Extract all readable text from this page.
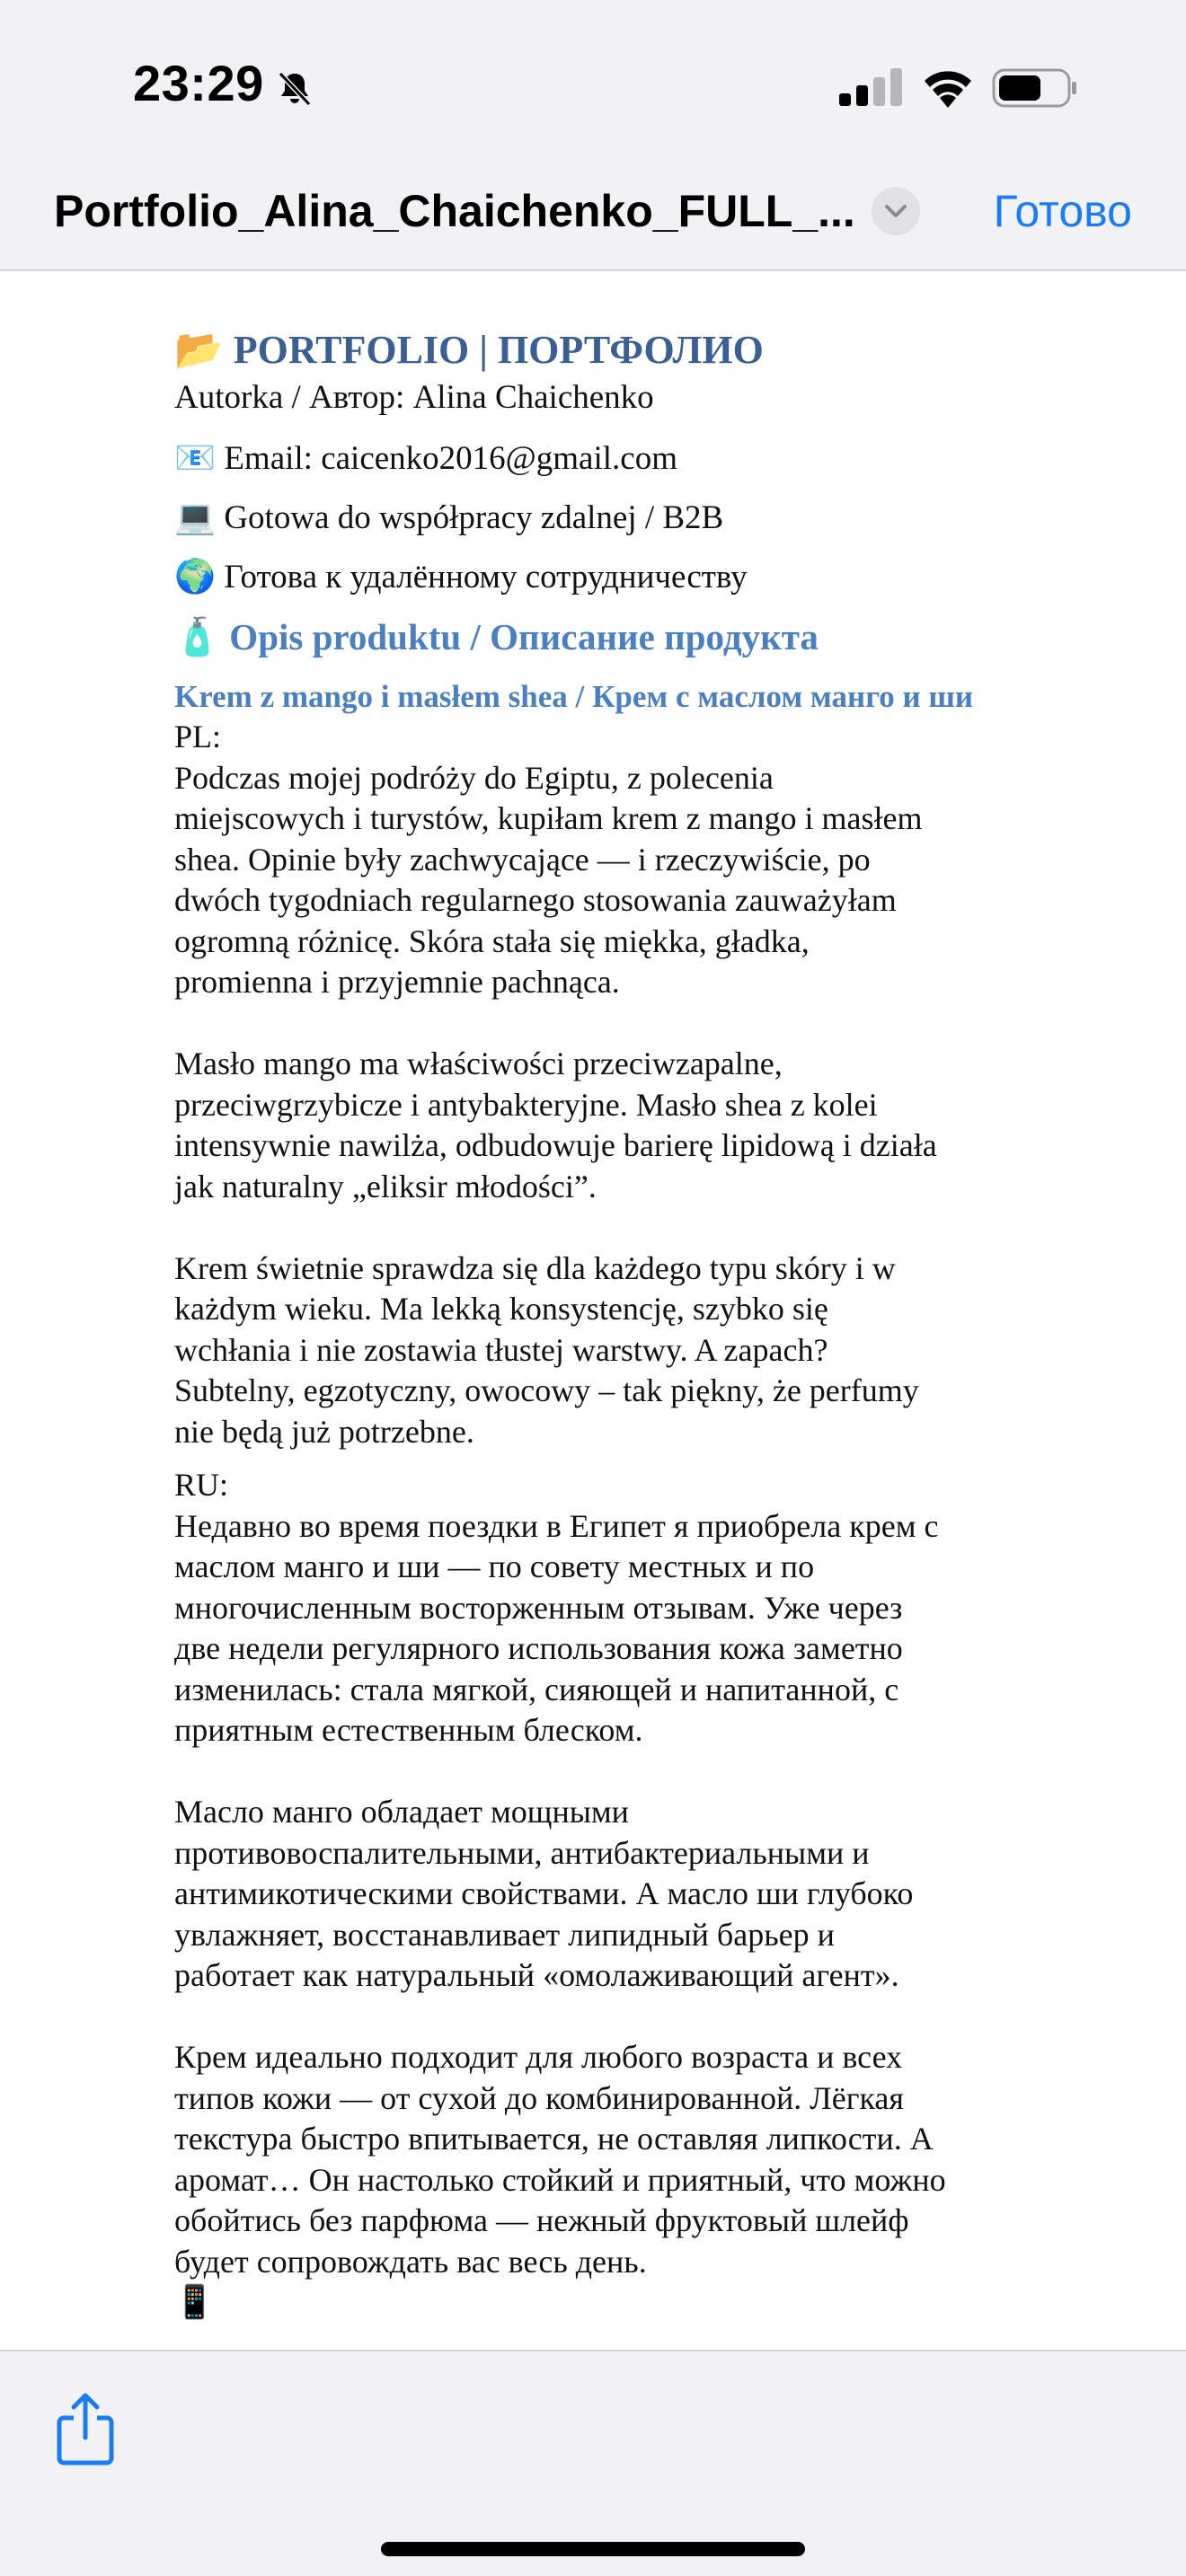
23:29
Portfolio_Alina_Chaichenko_FULL_...	Готово

📂 PORTFOLIO | ПОРТФОЛИО

Autorka / Автор: Alina Chaichenko

📧 Email: caicenko2016@gmail.com

💻 Gotowa do współpracy zdalnej / B2B

🌍 Готова к удалённому сотрудничеству

🧴 Opis produktu / Описание продукта

Krem z mango i masłem shea / Крем с маслом манго и ши

PL:

Podczas mojej podróży do Egiptu, z polecenia

miejscowych i turystów, kupiłam krem z mango i masłem

shea. Opinie były zachwycające — i rzeczywiście, po

dwóch tygodniach regularnego stosowania zauważyłam

ogromną różnicę. Skóra stała się miękka, gładka,

promienna i przyjemnie pachnąca.

Masło mango ma właściwości przeciwzapalne,

przeciwgrzybicze i antybakteryjne. Masło shea z kolei

intensywnie nawilża, odbudowuje barierę lipidową i działa

jak naturalny „eliksir młodości”.

Krem świetnie sprawdza się dla każdego typu skóry i w

każdym wieku. Ma lekką konsystencję, szybko się

wchłania i nie zostawia tłustej warstwy. A zapach?

Subtelny, egzotyczny, owocowy – tak piękny, że perfumy

nie będą już potrzebne.

RU:

Недавно во время поездки в Египет я приобрела крем с

маслом манго и ши — по совету местных и по

многочисленным восторженным отзывам. Уже через

две недели регулярного использования кожа заметно

изменилась: стала мягкой, сияющей и напитанной, с

приятным естественным блеском.

Масло манго обладает мощными

противовоспалительными, антибактериальными и

антимикотическими свойствами. А масло ши глубоко

увлажняет, восстанавливает липидный барьер и

работает как натуральный «омолаживающий агент».

Крем идеально подходит для любого возраста и всех

типов кожи — от сухой до комбинированной. Лёгкая

текстура быстро впитывается, не оставляя липкости. А

аромат… Он настолько стойкий и приятный, что можно

обойтись без парфюма — нежный фруктовый шлейф

будет сопровождать вас весь день.

📱
